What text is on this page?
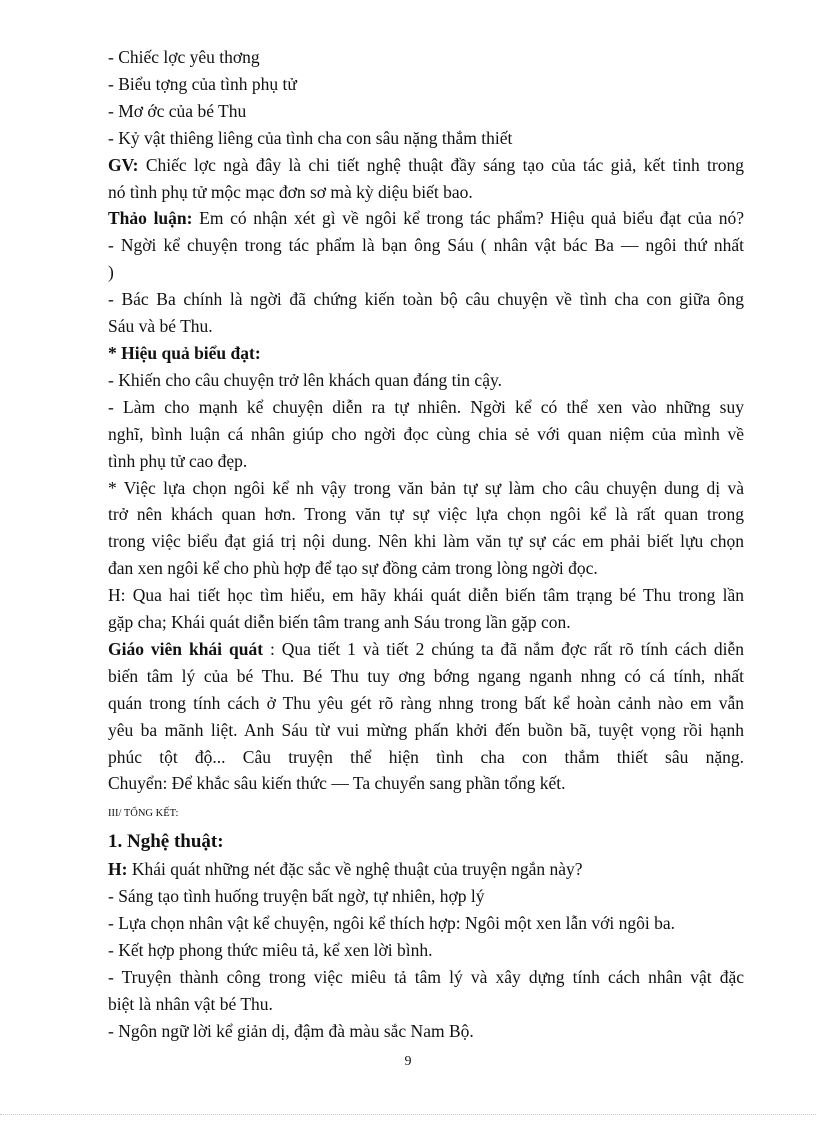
- Chiếc lợc yêu thơng

- Biểu tợng của tình phụ tử

- Mơ ớc của bé Thu

- Kỷ vật thiêng liêng của tình cha con sâu nặng thắm thiết

GV: Chiếc lợc ngà đây là chi tiết nghệ thuật đầy sáng tạo của tác giả, kết tinh trong

nó tình phụ tử mộc mạc đơn sơ mà kỳ diệu biết bao.

Thảo luận: Em có nhận xét gì về ngôi kể trong tác phẩm? Hiệu quả biểu đạt của nó?

- Ngời kể chuyện trong tác phẩm là bạn ông Sáu ( nhân vật bác Ba — ngôi thứ nhất

)

- Bác Ba chính là ngời đã chứng kiến toàn bộ câu chuyện về tình cha con giữa ông

Sáu và bé Thu.

* Hiệu quả biểu đạt:

- Khiến cho câu chuyện trở lên khách quan đáng tin cậy.

- Làm cho mạnh kể chuyện diễn ra tự nhiên. Ngời kể có thể xen vào những suy

nghĩ, bình luận cá nhân giúp cho ngời đọc cùng chia sẻ với quan niệm của mình về

tình phụ tử cao đẹp.

* Việc lựa chọn ngôi kể nh vậy trong văn bản tự sự làm cho câu chuyện dung dị và

trở nên khách quan hơn. Trong văn tự sự việc lựa chọn ngôi kể là rất quan trong

trong việc biểu đạt giá trị nội dung. Nên khi làm văn tự sự các em phải biết lựu chọn

đan xen ngôi kể cho phù hợp để tạo sự đồng cảm trong lòng ngời đọc.

H: Qua hai tiết học tìm hiểu, em hãy khái quát diễn biến tâm trạng bé Thu trong lần

gặp cha; Khái quát diễn biến tâm trang anh Sáu trong lần gặp con.

Giáo viên khái quát : Qua tiết 1 và tiết 2 chúng ta đã nắm đợc rất rõ tính cách diễn

biến tâm lý của bé Thu. Bé Thu tuy ơng bớng ngang nganh nhng có cá tính, nhất

quán trong tính cách ở Thu yêu gét rõ ràng nhng trong bất kể hoàn cảnh nào em vẫn

yêu ba mãnh liệt. Anh Sáu từ vui mừng phấn khởi đến buồn bã, tuyệt vọng rồi hạnh

phúc tột độ... Câu truyện thể hiện tình cha con thắm thiết sâu nặng.

Chuyển: Để khắc sâu kiến thức — Ta chuyển sang phần tổng kết.

III/ TỔNG KẾT:

1. Nghệ thuật:

H: Khái quát những nét đặc sắc về nghệ thuật của truyện ngắn này?

- Sáng tạo tình huống truyện bất ngờ, tự nhiên, hợp lý

- Lựa chọn nhân vật kể chuyện, ngôi kể thích hợp: Ngôi một xen lẫn với ngôi ba.

- Kết hợp phong thức miêu tả, kể xen lời bình.

- Truyện thành công trong việc miêu tả tâm lý và xây dựng tính cách nhân vật đặc

biệt là nhân vật bé Thu.

- Ngôn ngữ lời kể giản dị, đậm đà màu sắc Nam Bộ.

9
